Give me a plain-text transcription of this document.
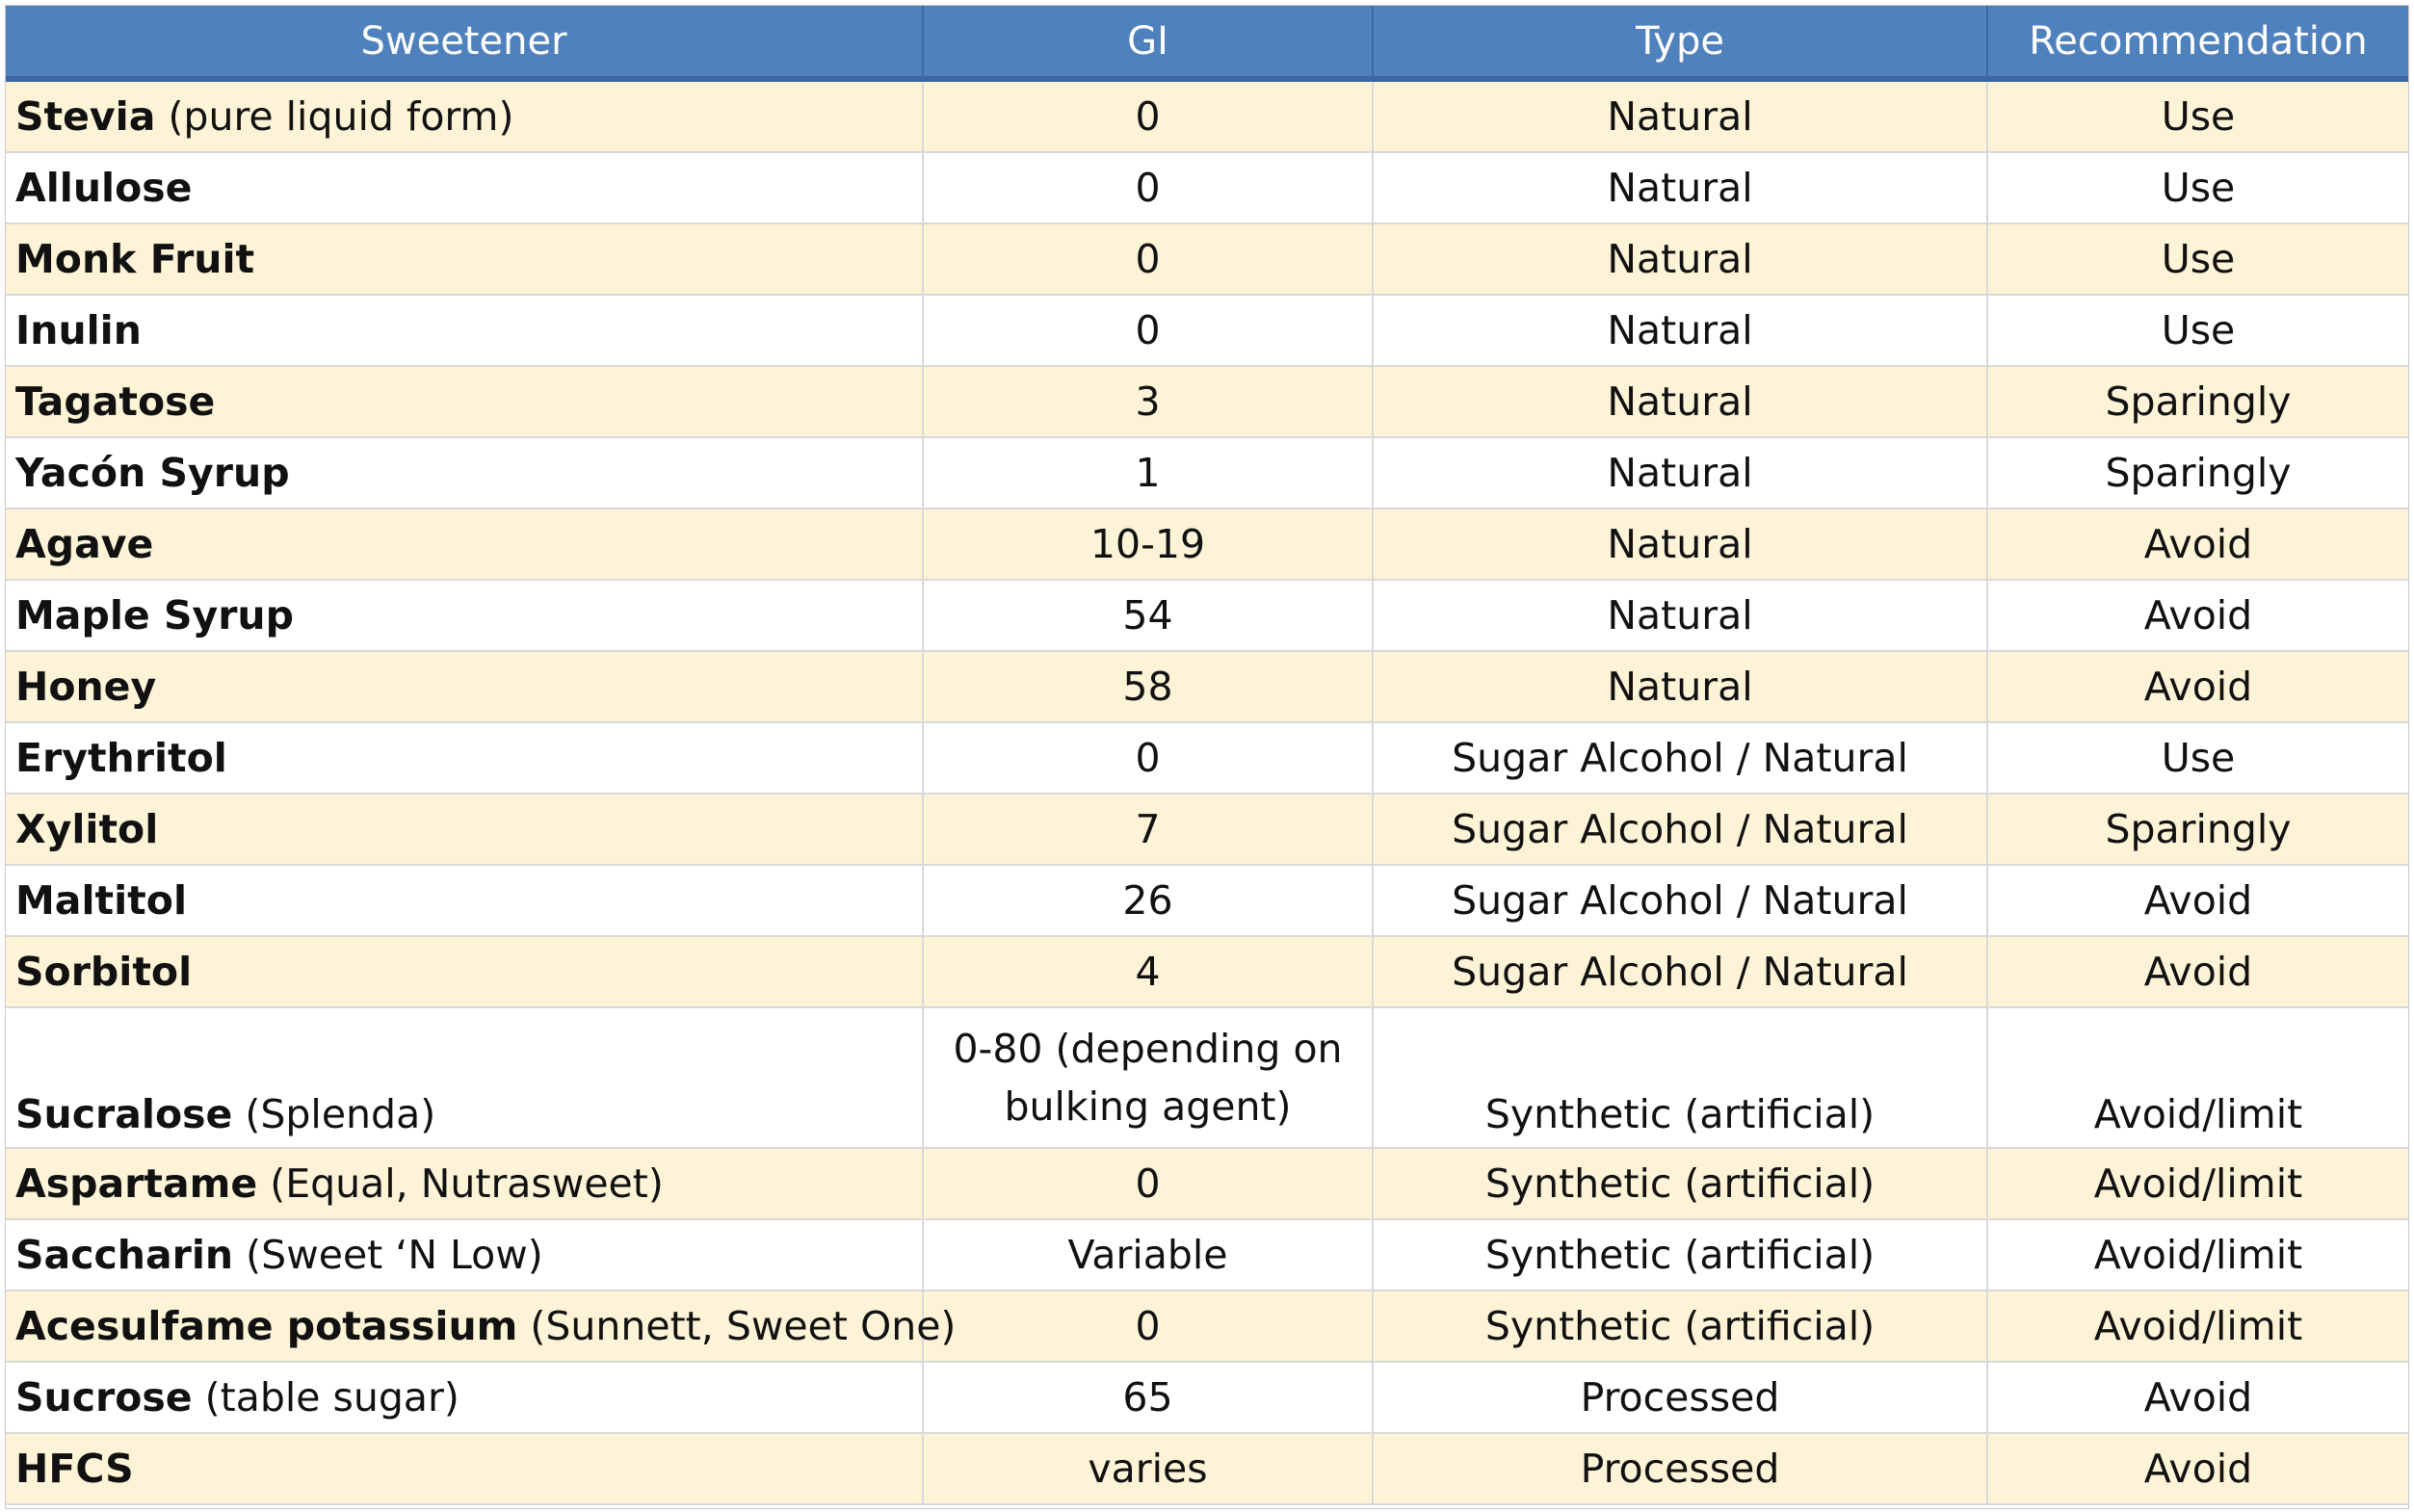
Sweetener	GI	Type	Recommendation
Stevia (pure liquid form)	0	Natural	Use
Allulose	0	Natural	Use
Monk Fruit	0	Natural	Use
Inulin	0	Natural	Use
Tagatose	3	Natural	Sparingly
Yacón Syrup	1	Natural	Sparingly
Agave	10-19	Natural	Avoid
Maple Syrup	54	Natural	Avoid
Honey	58	Natural	Avoid
Erythritol	0	Sugar Alcohol / Natural	Use
Xylitol	7	Sugar Alcohol / Natural	Sparingly
Maltitol	26	Sugar Alcohol / Natural	Avoid
Sorbitol	4	Sugar Alcohol / Natural	Avoid
Sucralose (Splenda)	0-80 (depending on bulking agent)	Synthetic (artificial)	Avoid/limit
Aspartame (Equal, Nutrasweet)	0	Synthetic (artificial)	Avoid/limit
Saccharin (Sweet ‘N Low)	Variable	Synthetic (artificial)	Avoid/limit
Acesulfame potassium (Sunnett, Sweet One)	0	Synthetic (artificial)	Avoid/limit
Sucrose (table sugar)	65	Processed	Avoid
HFCS	varies	Processed	Avoid
